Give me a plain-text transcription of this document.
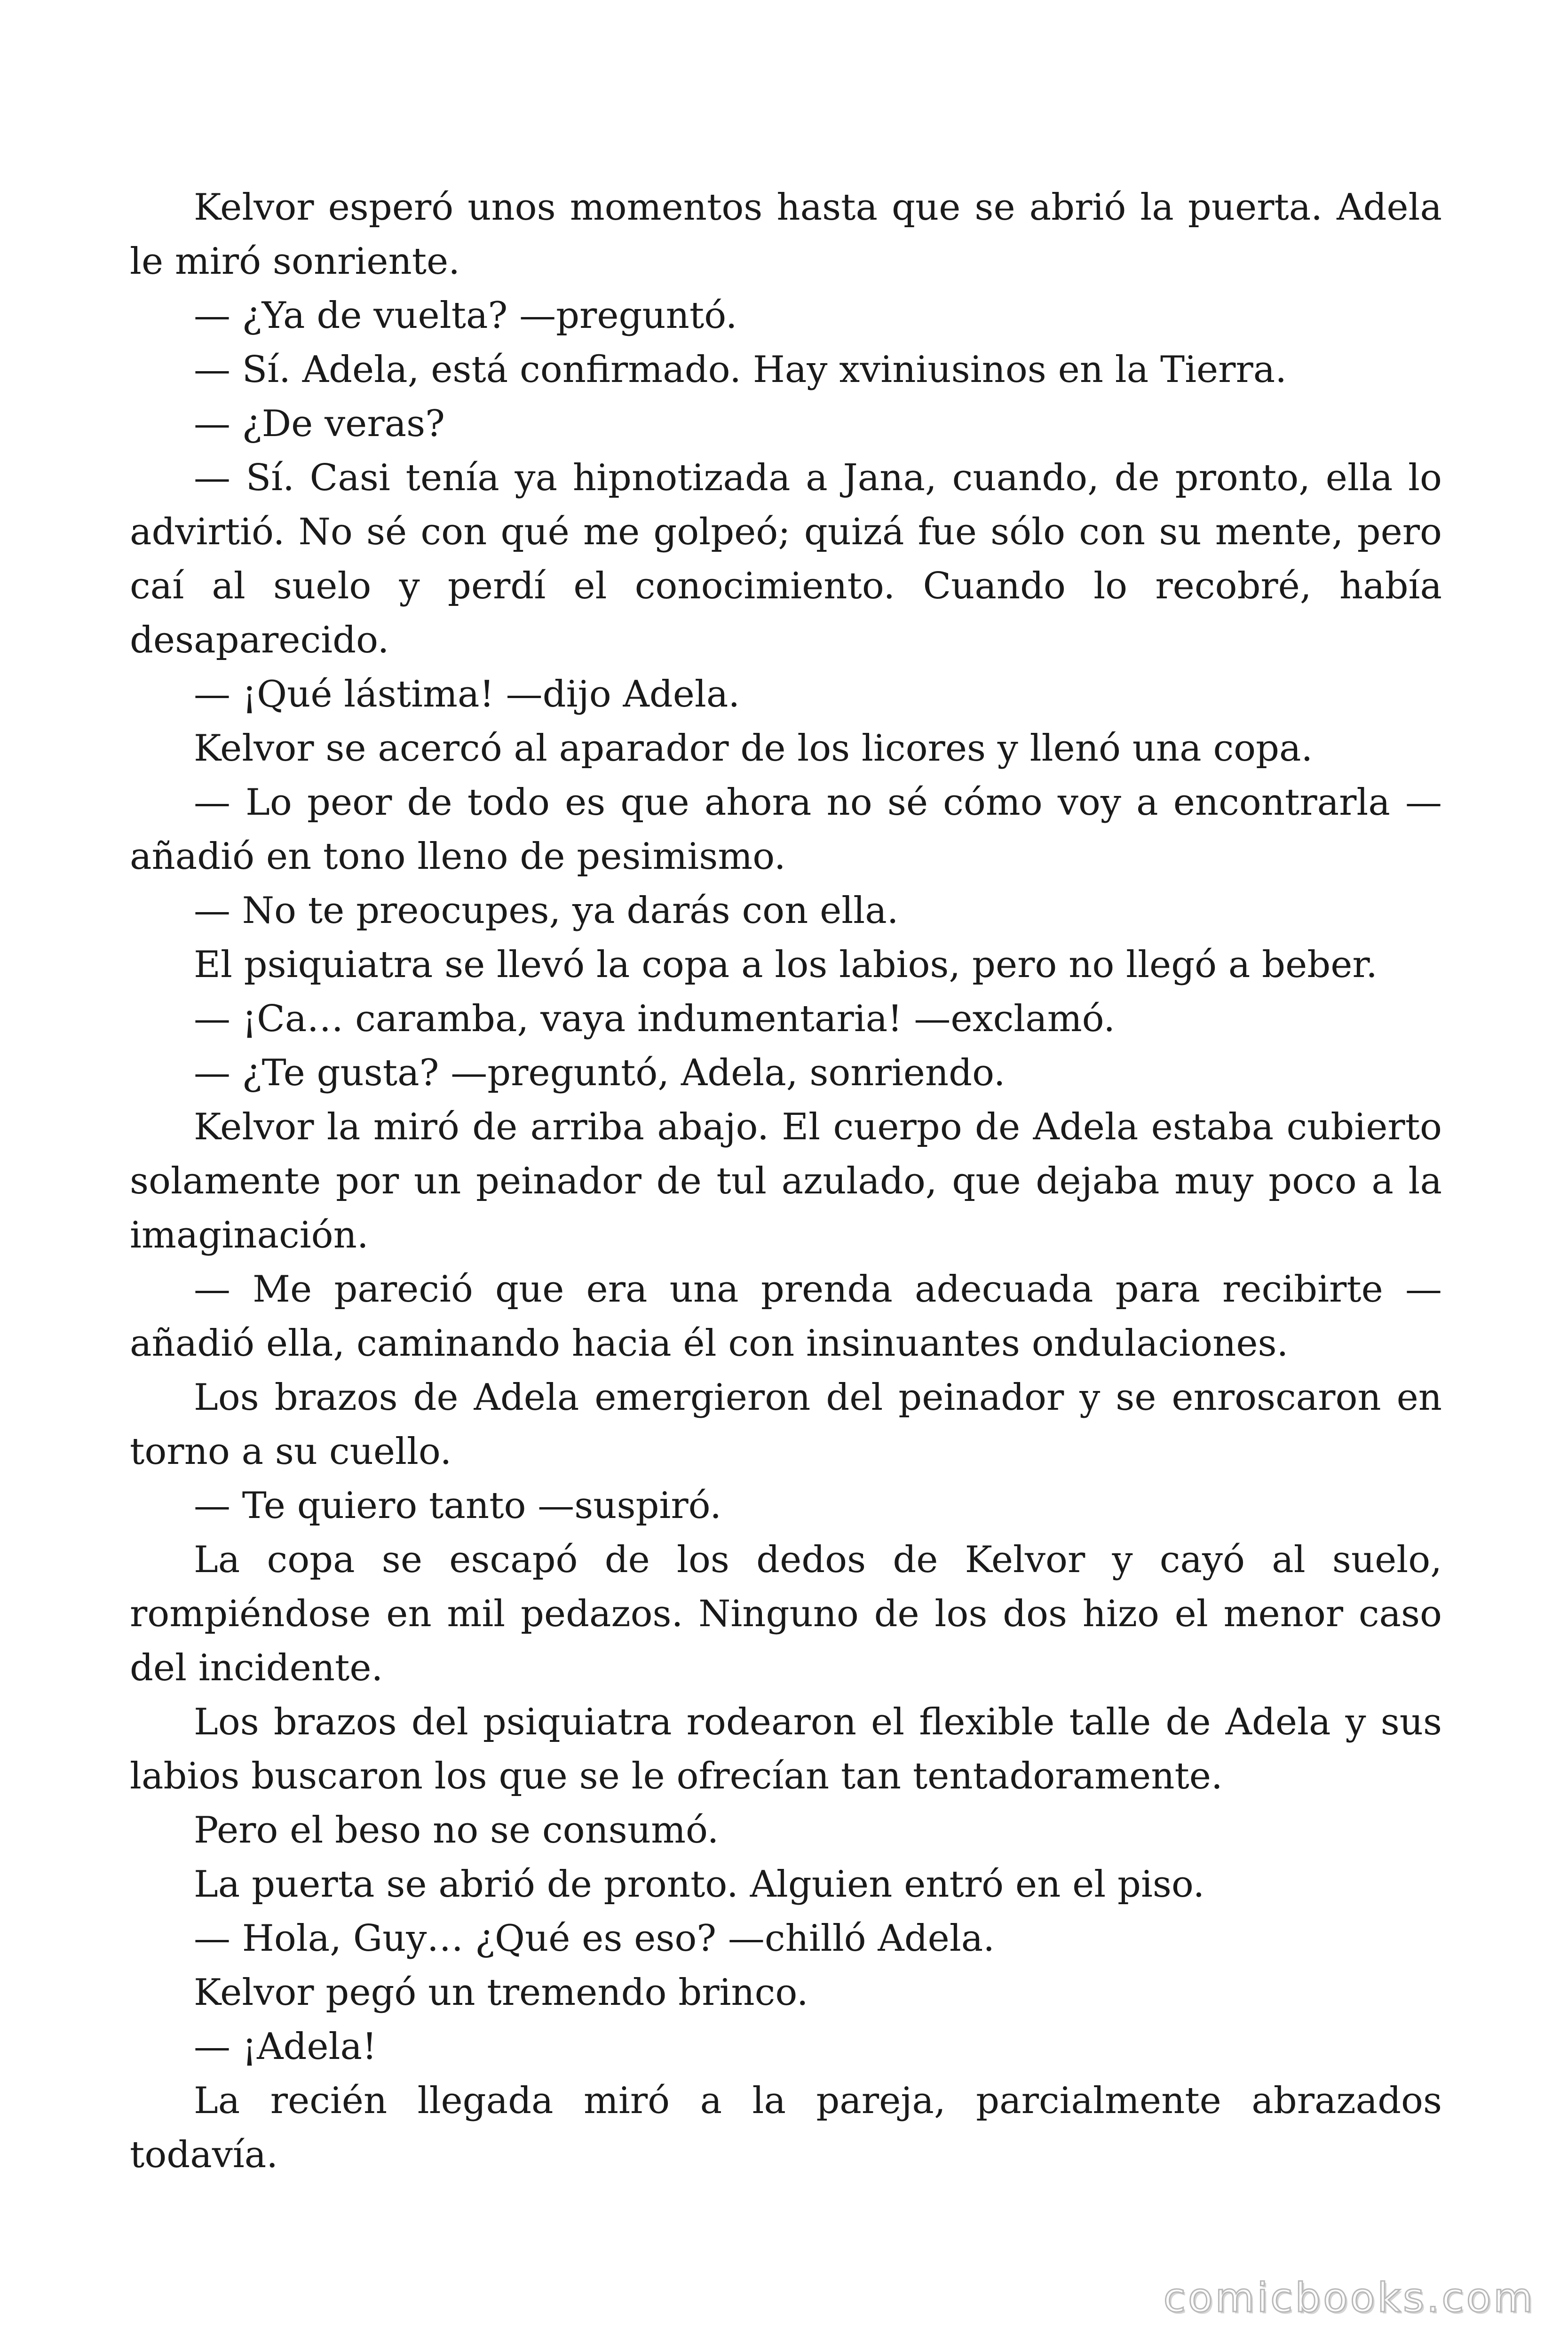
Kelvor esperó unos momentos hasta que se abrió la puerta. Adela le miró sonriente.

— ¿Ya de vuelta? —preguntó.

— Sí. Adela, está confirmado. Hay xviniusinos en la Tierra.

— ¿De veras?

— Sí. Casi tenía ya hipnotizada a Jana, cuando, de pronto, ella lo advirtió. No sé con qué me golpeó; quizá fue sólo con su mente, pero caí al suelo y perdí el conocimiento. Cuando lo recobré, había desaparecido.

— ¡Qué lástima! —dijo Adela.

Kelvor se acercó al aparador de los licores y llenó una copa.

— Lo peor de todo es que ahora no sé cómo voy a encontrarla — añadió en tono lleno de pesimismo.

— No te preocupes, ya darás con ella.

El psiquiatra se llevó la copa a los labios, pero no llegó a beber.

— ¡Ca… caramba, vaya indumentaria! —exclamó.

— ¿Te gusta? —preguntó, Adela, sonriendo.

Kelvor la miró de arriba abajo. El cuerpo de Adela estaba cubierto solamente por un peinador de tul azulado, que dejaba muy poco a la imaginación.

— Me pareció que era una prenda adecuada para recibirte — añadió ella, caminando hacia él con insinuantes ondulaciones.

Los brazos de Adela emergieron del peinador y se enroscaron en torno a su cuello.

— Te quiero tanto —suspiró.

La copa se escapó de los dedos de Kelvor y cayó al suelo, rompiéndose en mil pedazos. Ninguno de los dos hizo el menor caso del incidente.

Los brazos del psiquiatra rodearon el flexible talle de Adela y sus labios buscaron los que se le ofrecían tan tentadoramente.

Pero el beso no se consumó.

La puerta se abrió de pronto. Alguien entró en el piso.

— Hola, Guy… ¿Qué es eso? —chilló Adela.

Kelvor pegó un tremendo brinco.

— ¡Adela!

La recién llegada miró a la pareja, parcialmente abrazados todavía.

comicbooks.com
